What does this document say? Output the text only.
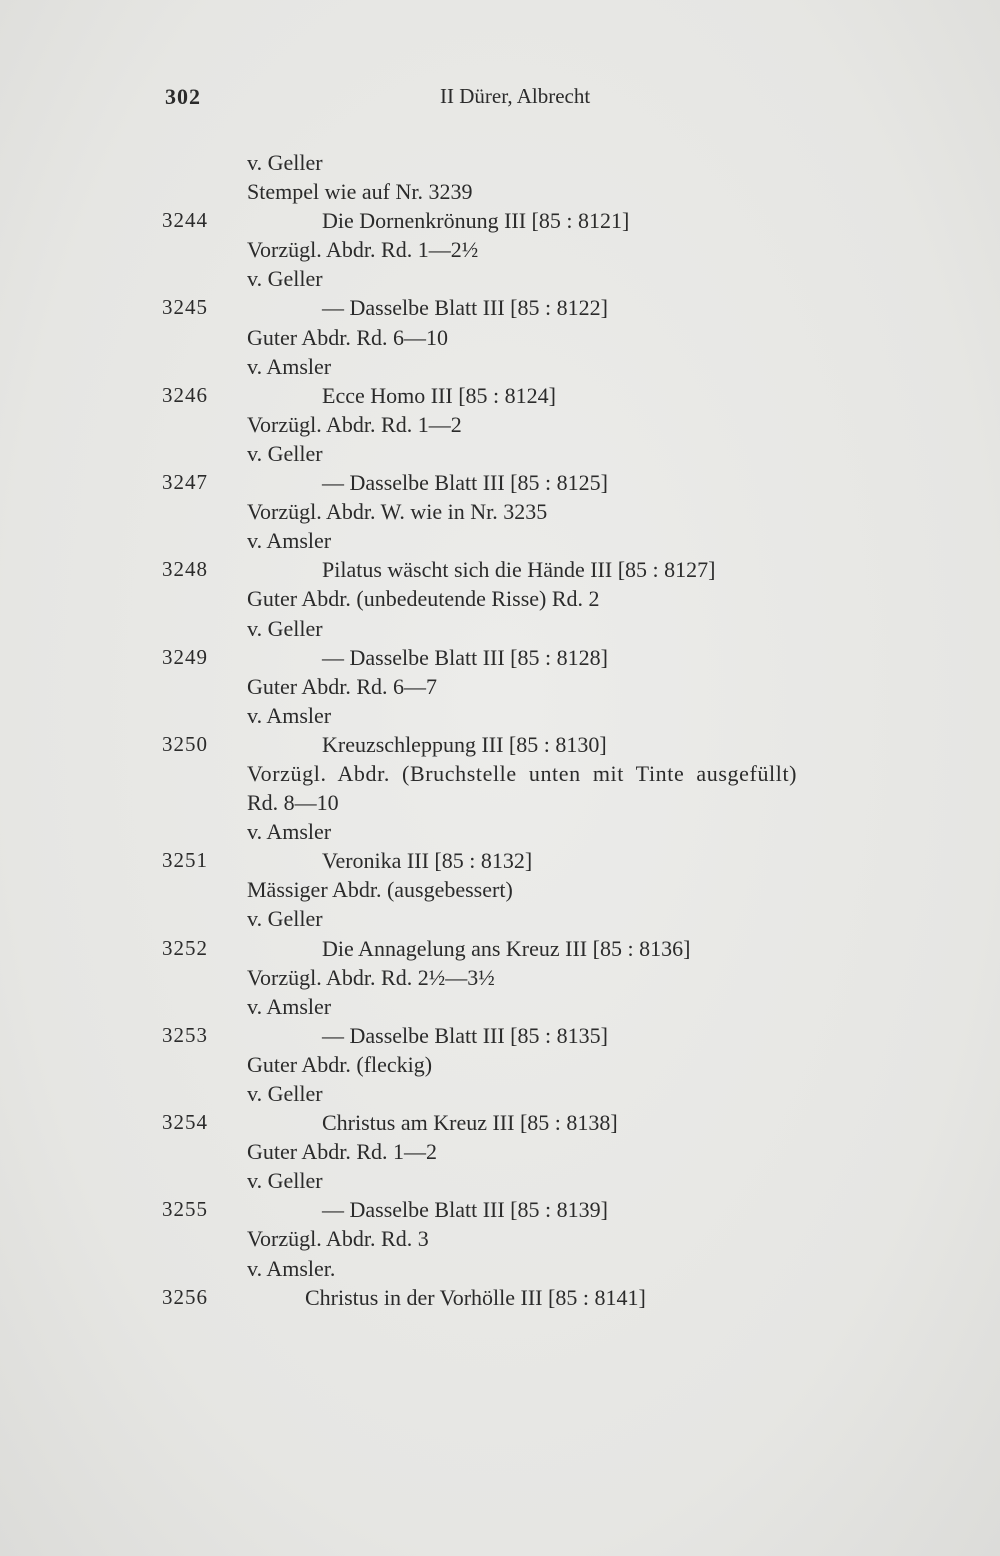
302	II Dürer, Albrecht
v. Geller
Stempel wie auf Nr. 3239
3244	Die Dornenkrönung III [85 : 8121]
Vorzügl. Abdr. Rd. 1—2½
v. Geller
3245	— Dasselbe Blatt III [85 : 8122]
Guter Abdr. Rd. 6—10
v. Amsler
3246	Ecce Homo III [85 : 8124]
Vorzügl. Abdr. Rd. 1—2
v. Geller
3247	— Dasselbe Blatt III [85 : 8125]
Vorzügl. Abdr. W. wie in Nr. 3235
v. Amsler
3248	Pilatus wäscht sich die Hände III [85 : 8127]
Guter Abdr. (unbedeutende Risse) Rd. 2
v. Geller
3249	— Dasselbe Blatt III [85 : 8128]
Guter Abdr. Rd. 6—7
v. Amsler
3250	Kreuzschleppung III [85 : 8130]
Vorzügl. Abdr. (Bruchstelle unten mit Tinte ausgefüllt)
Rd. 8—10
v. Amsler
3251	Veronika III [85 : 8132]
Mässiger Abdr. (ausgebessert)
v. Geller
3252	Die Annagelung ans Kreuz III [85 : 8136]
Vorzügl. Abdr. Rd. 2½—3½
v. Amsler
3253	— Dasselbe Blatt III [85 : 8135]
Guter Abdr. (fleckig)
v. Geller
3254	Christus am Kreuz III [85 : 8138]
Guter Abdr. Rd. 1—2
v. Geller
3255	— Dasselbe Blatt III [85 : 8139]
Vorzügl. Abdr. Rd. 3
v. Amsler.
3256	Christus in der Vorhölle III [85 : 8141]
